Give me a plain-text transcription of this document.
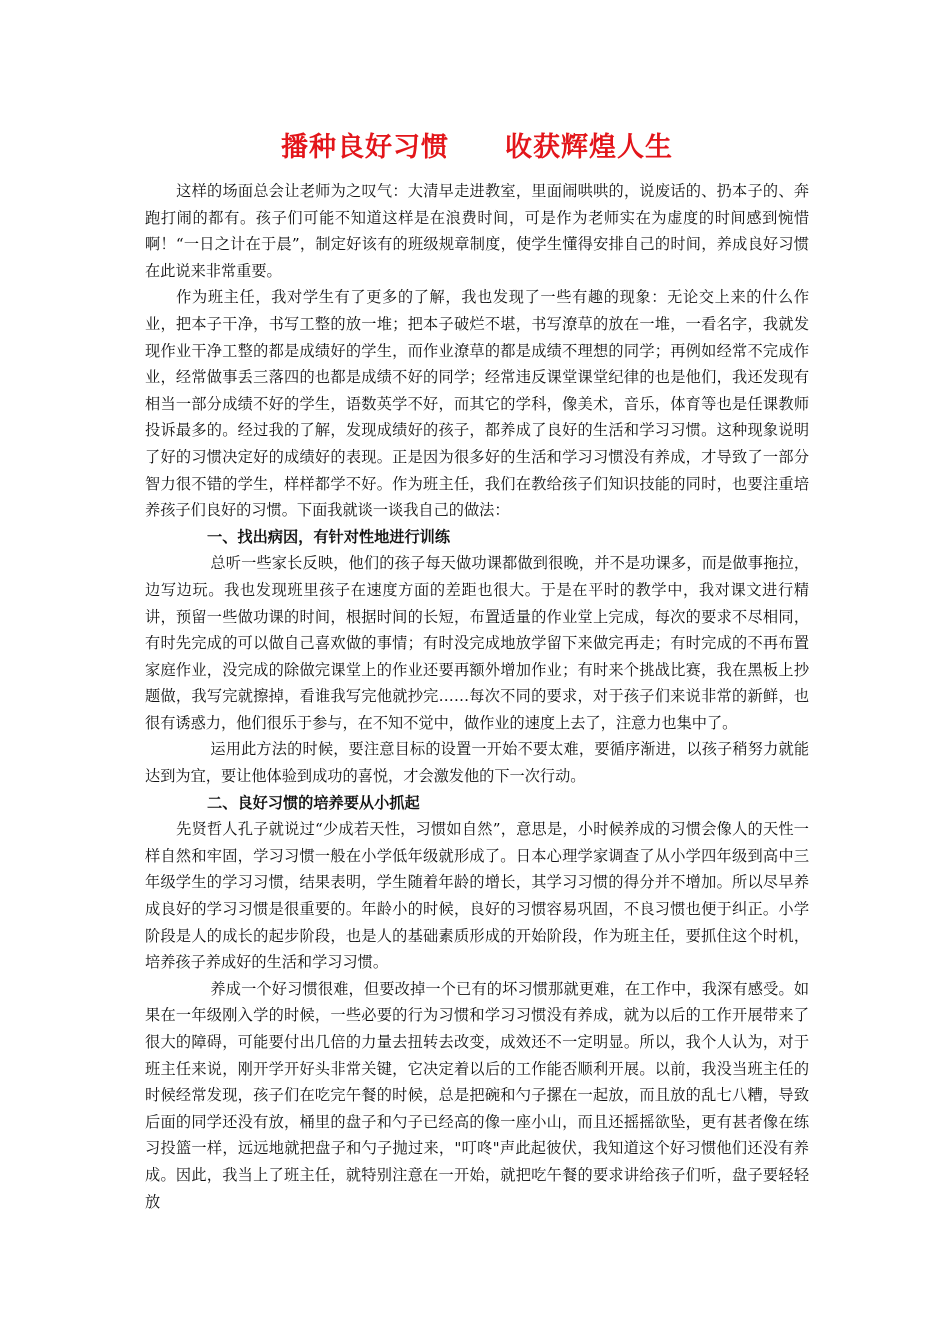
播种良好习惯 收获辉煌人生

这样的场面总会让老师为之叹气：大清早走进教室，里面闹哄哄的，说废话的、扔本子的、奔跑打闹的都有。孩子们可能不知道这样是在浪费时间，可是作为老师实在为虚度的时间感到惋惜啊！“一日之计在于晨”，制定好该有的班级规章制度，使学生懂得安排自己的时间，养成良好习惯在此说来非常重要。

作为班主任，我对学生有了更多的了解，我也发现了一些有趣的现象：无论交上来的什么作业，把本子干净，书写工整的放一堆；把本子破烂不堪，书写潦草的放在一堆，一看名字，我就发现作业干净工整的都是成绩好的学生，而作业潦草的都是成绩不理想的同学；再例如经常不完成作业，经常做事丢三落四的也都是成绩不好的同学；经常违反课堂课堂纪律的也是他们，我还发现有相当一部分成绩不好的学生，语数英学不好，而其它的学科，像美术，音乐，体育等也是任课教师投诉最多的。经过我的了解，发现成绩好的孩子，都养成了良好的生活和学习习惯。这种现象说明了好的习惯决定好的成绩好的表现。正是因为很多好的生活和学习习惯没有养成，才导致了一部分智力很不错的学生，样样都学不好。作为班主任，我们在教给孩子们知识技能的同时，也要注重培养孩子们良好的习惯。下面我就谈一谈我自己的做法：

一、找出病因，有针对性地进行训练

总听一些家长反映，他们的孩子每天做功课都做到很晚，并不是功课多，而是做事拖拉，边写边玩。我也发现班里孩子在速度方面的差距也很大。于是在平时的教学中，我对课文进行精讲，预留一些做功课的时间，根据时间的长短，布置适量的作业堂上完成，每次的要求不尽相同，有时先完成的可以做自己喜欢做的事情；有时没完成地放学留下来做完再走；有时完成的不再布置家庭作业，没完成的除做完课堂上的作业还要再额外增加作业；有时来个挑战比赛，我在黑板上抄题做，我写完就擦掉，看谁我写完他就抄完……每次不同的要求，对于孩子们来说非常的新鲜，也很有诱惑力，他们很乐于参与，在不知不觉中，做作业的速度上去了，注意力也集中了。

运用此方法的时候，要注意目标的设置一开始不要太难，要循序渐进，以孩子稍努力就能达到为宜，要让他体验到成功的喜悦，才会激发他的下一次行动。

二、良好习惯的培养要从小抓起

先贤哲人孔子就说过“少成若天性，习惯如自然”，意思是，小时候养成的习惯会像人的天性一样自然和牢固，学习习惯一般在小学低年级就形成了。日本心理学家调查了从小学四年级到高中三年级学生的学习习惯，结果表明，学生随着年龄的增长，其学习习惯的得分并不增加。所以尽早养成良好的学习习惯是很重要的。年龄小的时候，良好的习惯容易巩固，不良习惯也便于纠正。小学阶段是人的成长的起步阶段，也是人的基础素质形成的开始阶段，作为班主任，要抓住这个时机，培养孩子养成好的生活和学习习惯。

养成一个好习惯很难，但要改掉一个已有的坏习惯那就更难，在工作中，我深有感受。如果在一年级刚入学的时候，一些必要的行为习惯和学习习惯没有养成，就为以后的工作开展带来了很大的障碍，可能要付出几倍的力量去扭转去改变，成效还不一定明显。所以，我个人认为，对于班主任来说，刚开学开好头非常关键，它决定着以后的工作能否顺利开展。以前，我没当班主任的时候经常发现，孩子们在吃完午餐的时候，总是把碗和勺子摞在一起放，而且放的乱七八糟，导致后面的同学还没有放，桶里的盘子和勺子已经高的像一座小山，而且还摇摇欲坠，更有甚者像在练习投篮一样，远远地就把盘子和勺子抛过来，"叮咚"声此起彼伏，我知道这个好习惯他们还没有养成。因此，我当上了班主任，就特别注意在一开始，就把吃午餐的要求讲给孩子们听，盘子要轻轻放
